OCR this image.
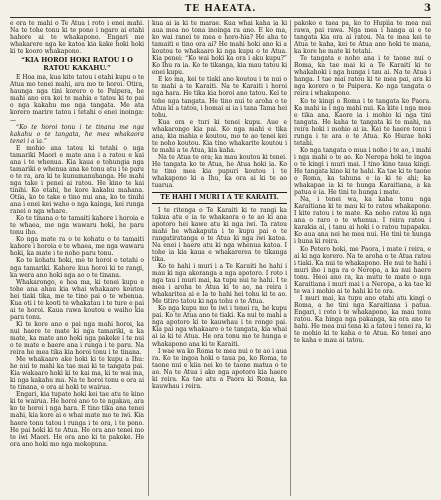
TE HAEATA.	3

e ora te mahi o Te Atua i roto i enei mahi. Na te tohe tonu ki te pono i ngaro ai etahi hahore ai te whakapono. Engari me whakarere nga ke katoa kia kake hoki hoki ki te kooro whakapono.

“KIA HOROI HOKI RATOU I O RATOU KAKAHU.”

E Hoa ma, kua kite tatou i etahi kupu o te Atua mo tenei mahi, ara mo te horoi. Otira, haunga nga tini korero o te Paipera, he mahi ano era kei te mahia e tatou ki te pai o nga kakahu me nga tangata. Me ata korero marire tatou i tetahi o enei inoinga:—

“Ko te horoi tonu i te tinana me nga kakahu o te tangata, he mea whakaora tenei i a ia.”

E mohio ana tatou ki tetahi o nga tamariki Maori e mate ana i a ratou e kai ana i te whenua. Kia kaua e tohungia nga tamariki e whenua ana ke tonu atu i te paru o te ra, ara ki te kunumanuhanga. He mahi nga take i penei ai ratou. He kino te kai tinihi. Ko etahi, he kore kakahu mahana. Otiia, ko te take e tino nui ana, ko te tinihi ana i enei kei waho o nga kainga, kei runga ranei o nga whare.

Ko te tinana o te tamaiti kahore i horoia e te whaea, me nga wawaru hoki, he paru tonu iho.

Ko nga mate ra o te kohatu o te tamaiti kahore i horoia e te whaea, me nga wawaru hoki, ka mate i te noho paru tonu.

Ko te kohatu hoki, me te horoi e tetahi o nga tamariki. Kahore kua horoi ki te rangi, ka wera ano hoki nga ao o te tinana.

Whakarongo, e hoa ma, ki tenei kupu e tohe ana ahau kia whai whakaaro koutou hei tiaki tika, me te tino pai o te whenua. Kua oti i te kooti te whakatau i te ture e pai ai te horoi. Kaua rawa koutou e waiho kia paru tonu.

Ki te kore ano e pai nga mahi horoi, ka nui haere te mate ki nga tamariki, a ka mate, ka mate ano hoki nga pakeke i te nui o te mate e haere ana i runga i te paru. Na reira he mea tika kia horoi tonu i te tinana.

Me whakaaro ake hoki ki te kupu a Ihu: he nui te mahi ka tae mai ki te tangata pai. Kia wakaaro hoki ki te kai ma, ki te wai ma, ki nga kakahu ma. Na te horoi tonu e ora ai te tinana, e ora ai hoki te wairua.

Engari, kia tupato hoki kei tae atu te kino ki te wairua. He horoi ano to te ngakau, ara ko te horoi i nga hara. E tino tika ana tenei mahi, kia kore ai e whai mate mo te iwi. Kia haere tonu tatou i runga i te ora, i te pono. He pai hoki ki te Atua. He ora ano tenei mo te iwi Maori. He ora ano ki te pakeke. He ora ano hoki mo nga mokopuna.

kua ai ia ki te marae. Kua whai kaha ia ki aua mea no tona inoinga ra ano. E ko ma, ko wai ranei te mea e horo-hia? He aha te tamaiti e tino ora ai? He mahi hoki ano ki a koutou te whakaaro ki nga kupu o te Atua. Kia penei: “Ko wai hoki ka ora i aku kupu?” Ko Ihu ra ia. Ko te tikanga, kia mau tatou ki enei kupu.

E ko ma, kei te tiaki ano koutou i te nui o te mahi a te Karaiti. Na te Karaiti i horoi nga hara. He tika kia horoi ano tatou. Kei te tohe nga tangata. He tino nui te aroha o te Atua ki a tatou, i homai ai ia i tana Tama hei tohu.

Kua ora e turi ki tenei kupu. Aue e whakarongo kia pai. Ko nga mahi e tika ana, kia mahia e koutou, mo te ao tenei kei te noho koutou. Kia tino whakarite koutou i te mahi a te Atua, kia kaha.

Na te Atua te ora; ka mau koutou ki tenei. He tangata ko te Atua, he Atua hoki ia. Ko te tino mea kia pupuri koutou i te whakapono ki a Ihu, ka ora ai ki te ao tuarua.

TE HAHI I MURI I A TE KARAITI.

I te ritenga o Te Karaiti ki te rangi ka tukua atu e ia te whakaora o te ao ki ana apotoro hei kawe atu ki nga iwi. Ta ratou mahi he whakaputa i te kupu pai o te rangatiratanga o te Atua ki nga iwi katoa. Na enei i haere atu ki nga whenua katoa. I tohe ia kia kaua e whakarerea te tikanga tika.

Ko te hahi i muri i a Te Karaiti he hahi i mau ki nga akoranga a nga apotoro. I roto i nga tau i muri mai, ka tupu nui te hahi. I te mea i aroha te Atua ki te ao, na reira i whakaritea ai e Ia te hahi hei tohu ki te ao. Me titiro tatou ki nga tohu o te Atua.

Ko nga kupu mo te iwi i tenei ra, he kupu pai. Ko te Atua ano te tiaki. Ka nui te mahi a nga apotoro ki te kauwhau i te rongo pai. Kia pai nga whakaaro o te tangata, kia whai ai ia ki te Atua. He ora tonu mo te hunga e whakapono ana ki te Karaiti.

I wae wa ko Roma te mea nui o te ao i aua ra. Ko te ingoa hoki o taua pa, ko Roma, te taone nui e kiia nei ko te taone matua o te ao. Na te Atua i ako nga apotoro kia haere ki reira. Ka tae atu a Paora ki Roma, ka kauwhau i reira.

pakoko e taea pa, ko to Hupiia te mea nui rawa, pai rawa. Nga mea i hanga ai e te tangata kia ora ai ratou. Na te mea kei te Atua te kaha, kei te Atua ano hoki te mana, ka kore he mate ki tetahi.

Te tangata e noho ana i te taone nui o Roma, ka tae mai ki a Te Karaiti ki te whakahoki i nga hunga i tau ai. Na te Atua i hanga. I tae mai ratou ki te mea pai, ara ki nga korero o te Paipera. Ko nga tangata o reira i whakapono.

Ko te kingi o Roma i te tangata ko Paora. Ka mahi ia i nga mahi nui. Ka kite i nga mea e tika ana. Kaore ia i mohio ki nga tini tangata. He kaha te tangata ki te mahi, na reira hoki i mohio ai ia. Kei te haere tonu i runga i te ara o te Atua. Ko Hurae hoki tetahi.

Ko nga tangata o mua i noho i te ao, i mahi i nga mahi o te ao. Ko Neropa hoki te ingoa o te kingi i muri mai. I tino kino taua kingi. He tangata kino ki te hahi. Ka tae ki te taone o Roma, ka tahuna e ia ki te ahi; ka whakapae ia ki te hunga Karaitiana, a ka patua e ia. He tini te hunga i mate.

Na, i tenei wa, ka kaha tonu nga Karaitiana ki te mau ki to ratou whakapono. I kite ratou i te mate. Ka noho ratou ki nga ana o raro o te whenua. I reira ratou i karakia ai, i tanu ai hoki i o ratou tupapaku. Ko aua ana nei he mea nui. He tini te hunga i huna ki reira.

Ko Petero hoki, me Paora, i mate i reira, e ai ki nga korero. Na te aroha o te Atua ratou i tiaki. Ka nui te whakapono. He nui te hahi i muri iho i nga ra o Neropa, a ka nui haere tonu. Heoi ano ra, ka mutu te mate o nga Karaitiana i muri mai i a Neropa, a ka tae ki te wa i mohio ai te hahi ki te ora.

I muri mai, ka tupu ano etahi atu kingi o Roma, a he tini nga Karaitiana i patua. Engari, i roto i te whakapono, ka mau tonu ratou. Ka hinga nga pakanga, ka ora ano te hahi. He mea nui tena ki a tatou i tenei ra, ki te mohio ki te kaha o te Atua. Ko tenei ano te kaha e mau ai tatou.
